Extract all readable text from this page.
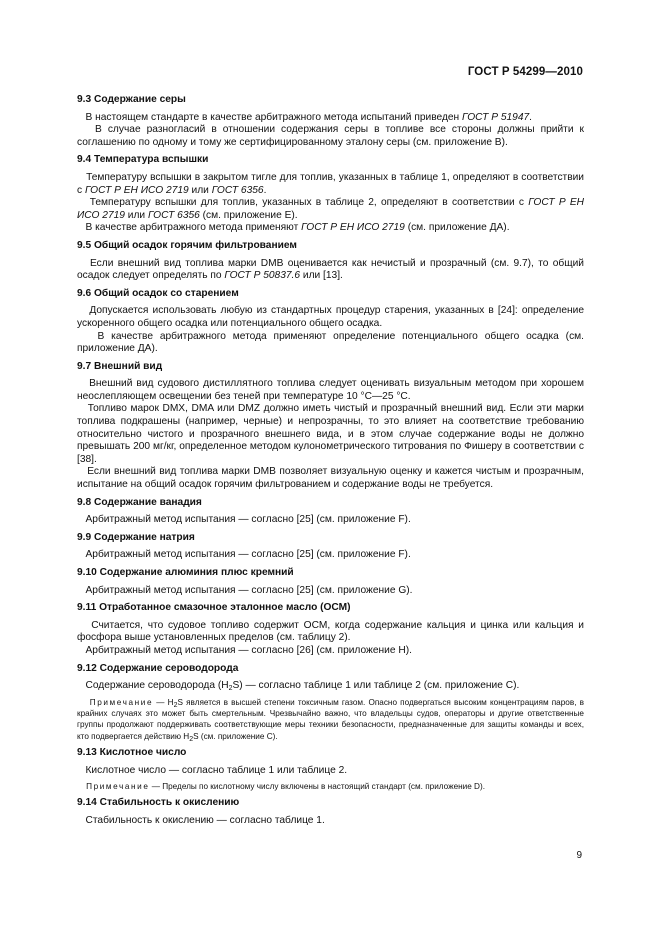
ГОСТ Р 54299—2010
9.3 Содержание серы

В настоящем стандарте в качестве арбитражного метода испытаний приведен ГОСТ Р 51947.

В случае разногласий в отношении содержания серы в топливе все стороны должны прийти к соглашению по одному и тому же сертифицированному эталону серы (см. приложение В).

9.4 Температура вспышки

Температуру вспышки в закрытом тигле для топлив, указанных в таблице 1, определяют в соответствии с ГОСТ Р ЕН ИСО 2719 или ГОСТ 6356.

Температуру вспышки для топлив, указанных в таблице 2, определяют в соответствии с ГОСТ Р ЕН ИСО 2719 или ГОСТ 6356 (см. приложение Е).

В качестве арбитражного метода применяют ГОСТ Р ЕН ИСО 2719 (см. приложение ДА).

9.5 Общий осадок горячим фильтрованием

Если внешний вид топлива марки DMB оценивается как нечистый и прозрачный (см. 9.7), то общий осадок следует определять по ГОСТ Р 50837.6 или [13].

9.6 Общий осадок со старением

Допускается использовать любую из стандартных процедур старения, указанных в [24]: определение ускоренного общего осадка или потенциального общего осадка.

В качестве арбитражного метода применяют определение потенциального общего осадка (см. приложение ДА).

9.7 Внешний вид

Внешний вид судового дистиллятного топлива следует оценивать визуальным методом при хорошем неослепляющем освещении без теней при температуре 10 °С—25 °С.

Топливо марок DMX, DMA или DMZ должно иметь чистый и прозрачный внешний вид. Если эти марки топлива подкрашены (например, черные) и непрозрачны, то это влияет на соответствие требованию относительно чистого и прозрачного внешнего вида, и в этом случае содержание воды не должно превышать 200 мг/кг, определенное методом кулонометрического титрования по Фишеру в соответствии с [38].

Если внешний вид топлива марки DMB позволяет визуальную оценку и кажется чистым и прозрачным, испытание на общий осадок горячим фильтрованием и содержание воды не требуется.

9.8 Содержание ванадия

Арбитражный метод испытания — согласно [25] (см. приложение F).

9.9 Содержание натрия

Арбитражный метод испытания — согласно [25] (см. приложение F).

9.10 Содержание алюминия плюс кремний

Арбитражный метод испытания — согласно [25] (см. приложение G).

9.11 Отработанное смазочное эталонное масло (ОСМ)

Считается, что судовое топливо содержит ОСМ, когда содержание кальция и цинка или кальция и фосфора выше установленных пределов (см. таблицу 2).

Арбитражный метод испытания — согласно [26] (см. приложение Н).

9.12 Содержание сероводорода

Содержание сероводорода $(Н_2S)$ — согласно таблице 1 или таблице 2 (см. приложение С).

Примечание — $Н_2S$ является в высшей степени токсичным газом. Опасно подвергаться высоким концентрациям паров, в крайних случаях это может быть смертельным. Чрезвычайно важно, что владельцы судов, операторы и другие ответственные группы продолжают поддерживать соответствующие меры техники безопасности, предназначенные для защиты команды и всех, кто подвергается действию $Н_2S$ (см. приложение С).

9.13 Кислотное число

Кислотное число — согласно таблице 1 или таблице 2.

Примечание — Пределы по кислотному числу включены в настоящий стандарт (см. приложение D).

9.14 Стабильность к окислению

Стабильность к окислению — согласно таблице 1.

9
